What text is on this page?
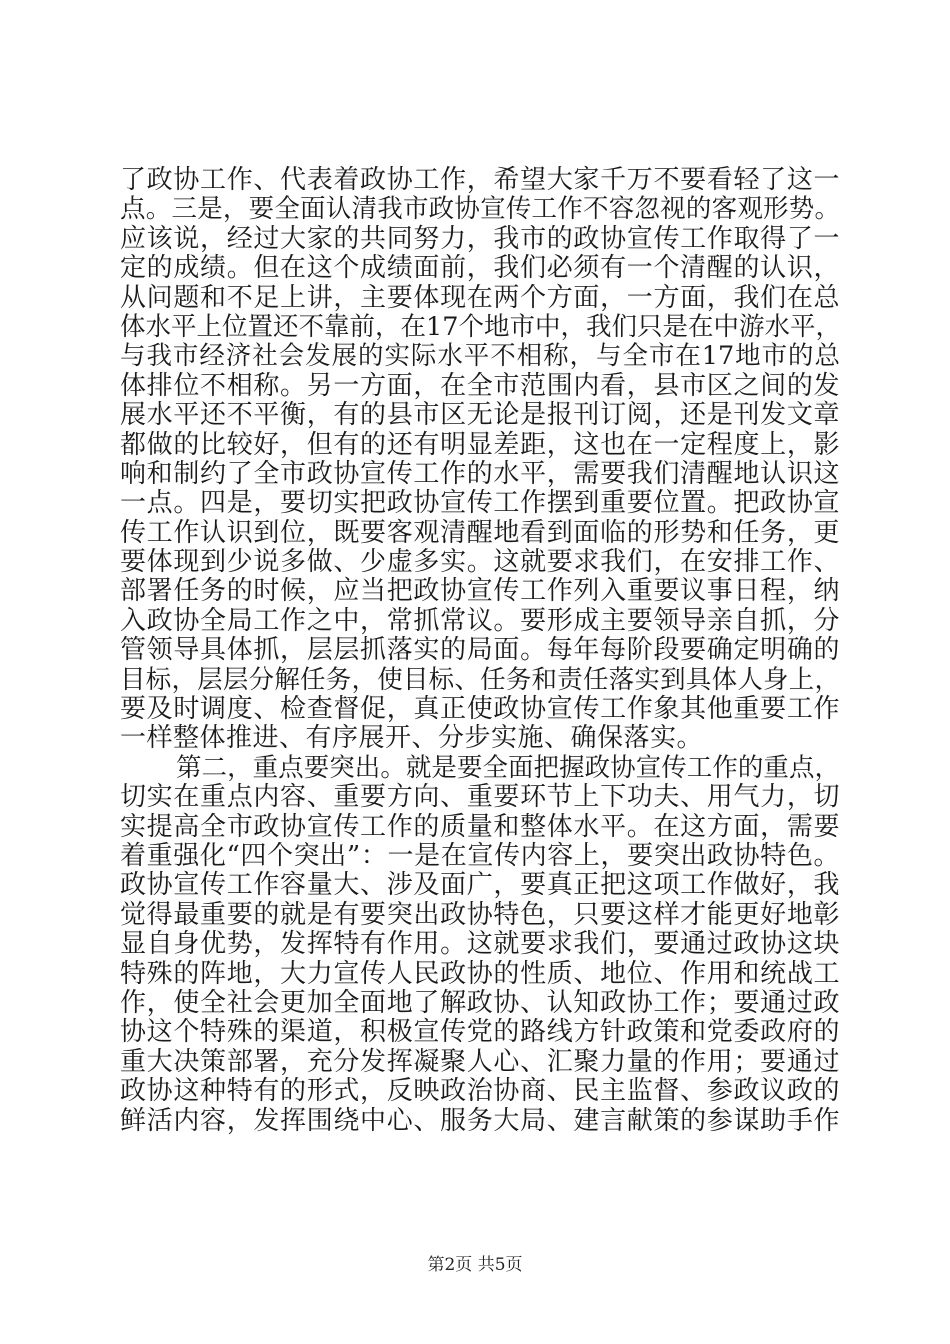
了政协工作、代表着政协工作，希望大家千万不要看轻了这一
点。三是，要全面认清我市政协宣传工作不容忽视的客观形势。
应该说，经过大家的共同努力，我市的政协宣传工作取得了一
定的成绩。但在这个成绩面前，我们必须有一个清醒的认识，
从问题和不足上讲，主要体现在两个方面，一方面，我们在总
体水平上位置还不靠前，在17个地市中，我们只是在中游水平，
与我市经济社会发展的实际水平不相称，与全市在17地市的总
体排位不相称。另一方面，在全市范围内看，县市区之间的发
展水平还不平衡，有的县市区无论是报刊订阅，还是刊发文章
都做的比较好，但有的还有明显差距，这也在一定程度上，影
响和制约了全市政协宣传工作的水平，需要我们清醒地认识这
一点。四是，要切实把政协宣传工作摆到重要位置。把政协宣
传工作认识到位，既要客观清醒地看到面临的形势和任务，更
要体现到少说多做、少虚多实。这就要求我们，在安排工作、
部署任务的时候，应当把政协宣传工作列入重要议事日程，纳
入政协全局工作之中，常抓常议。要形成主要领导亲自抓，分
管领导具体抓，层层抓落实的局面。每年每阶段要确定明确的
目标，层层分解任务，使目标、任务和责任落实到具体人身上，
要及时调度、检查督促，真正使政协宣传工作象其他重要工作
一样整体推进、有序展开、分步实施、确保落实。
第二，重点要突出。就是要全面把握政协宣传工作的重点，
切实在重点内容、重要方向、重要环节上下功夫、用气力，切
实提高全市政协宣传工作的质量和整体水平。在这方面，需要
着重强化“四个突出”：一是在宣传内容上，要突出政协特色。
政协宣传工作容量大、涉及面广，要真正把这项工作做好，我
觉得最重要的就是有要突出政协特色，只要这样才能更好地彰
显自身优势，发挥特有作用。这就要求我们，要通过政协这块
特殊的阵地，大力宣传人民政协的性质、地位、作用和统战工
作，使全社会更加全面地了解政协、认知政协工作；要通过政
协这个特殊的渠道，积极宣传党的路线方针政策和党委政府的
重大决策部署，充分发挥凝聚人心、汇聚力量的作用；要通过
政协这种特有的形式，反映政治协商、民主监督、参政议政的
鲜活内容，发挥围绕中心、服务大局、建言献策的参谋助手作
第2页 共5页
